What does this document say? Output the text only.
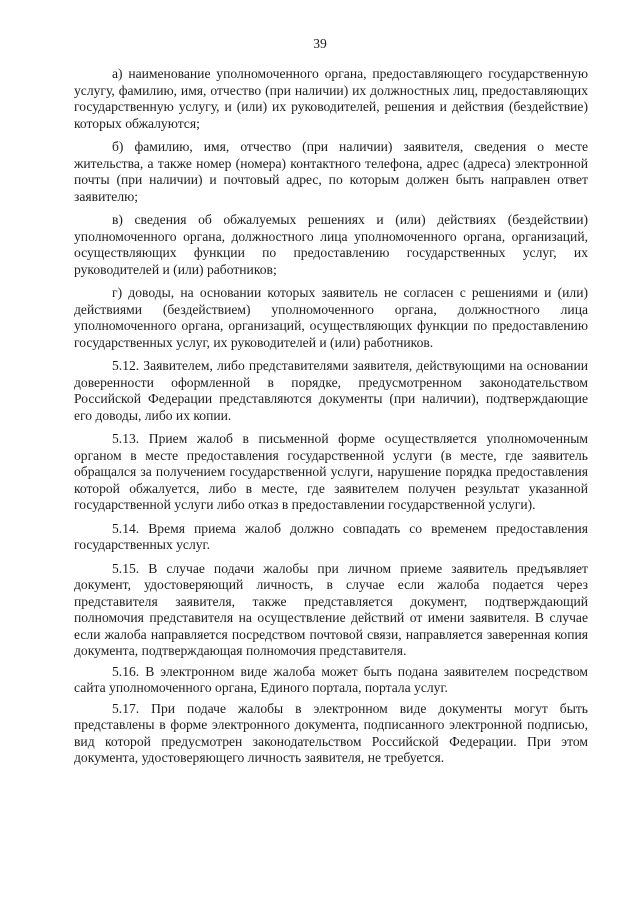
39

а) наименование уполномоченного органа, предоставляющего государственную услугу, фамилию, имя, отчество (при наличии) их должностных лиц, предоставляющих государственную услугу, и (или) их руководителей, решения и действия (бездействие) которых обжалуются;

б) фамилию, имя, отчество (при наличии) заявителя, сведения о месте жительства, а также номер (номера) контактного телефона, адрес (адреса) электронной почты (при наличии) и почтовый адрес, по которым должен быть направлен ответ заявителю;

в) сведения об обжалуемых решениях и (или) действиях (бездействии) уполномоченного органа, должностного лица уполномоченного органа, организаций, осуществляющих функции по предоставлению государственных услуг, их руководителей и (или) работников;

г) доводы, на основании которых заявитель не согласен с решениями и (или) действиями (бездействием) уполномоченного органа, должностного лица уполномоченного органа, организаций, осуществляющих функции по предоставлению государственных услуг, их руководителей и (или) работников.

5.12. Заявителем, либо представителями заявителя, действующими на основании доверенности оформленной в порядке, предусмотренном законодательством Российской Федерации представляются документы (при наличии), подтверждающие его доводы, либо их копии.

5.13. Прием жалоб в письменной форме осуществляется уполномоченным органом в месте предоставления государственной услуги (в месте, где заявитель обращался за получением государственной услуги, нарушение порядка предоставления которой обжалуется, либо в месте, где заявителем получен результат указанной государственной услуги либо отказ в предоставлении государственной услуги).

5.14. Время приема жалоб должно совпадать со временем предоставления государственных услуг.

5.15. В случае подачи жалобы при личном приеме заявитель предъявляет документ, удостоверяющий личность, в случае если жалоба подается через представителя заявителя, также представляется документ, подтверждающий полномочия представителя на осуществление действий от имени заявителя. В случае если жалоба направляется посредством почтовой связи, направляется заверенная копия документа, подтверждающая полномочия представителя.

5.16. В электронном виде жалоба может быть подана заявителем посредством сайта уполномоченного органа, Единого портала, портала услуг.

5.17. При подаче жалобы в электронном виде документы могут быть представлены в форме электронного документа, подписанного электронной подписью, вид которой предусмотрен законодательством Российской Федерации. При этом документа, удостоверяющего личность заявителя, не требуется.
